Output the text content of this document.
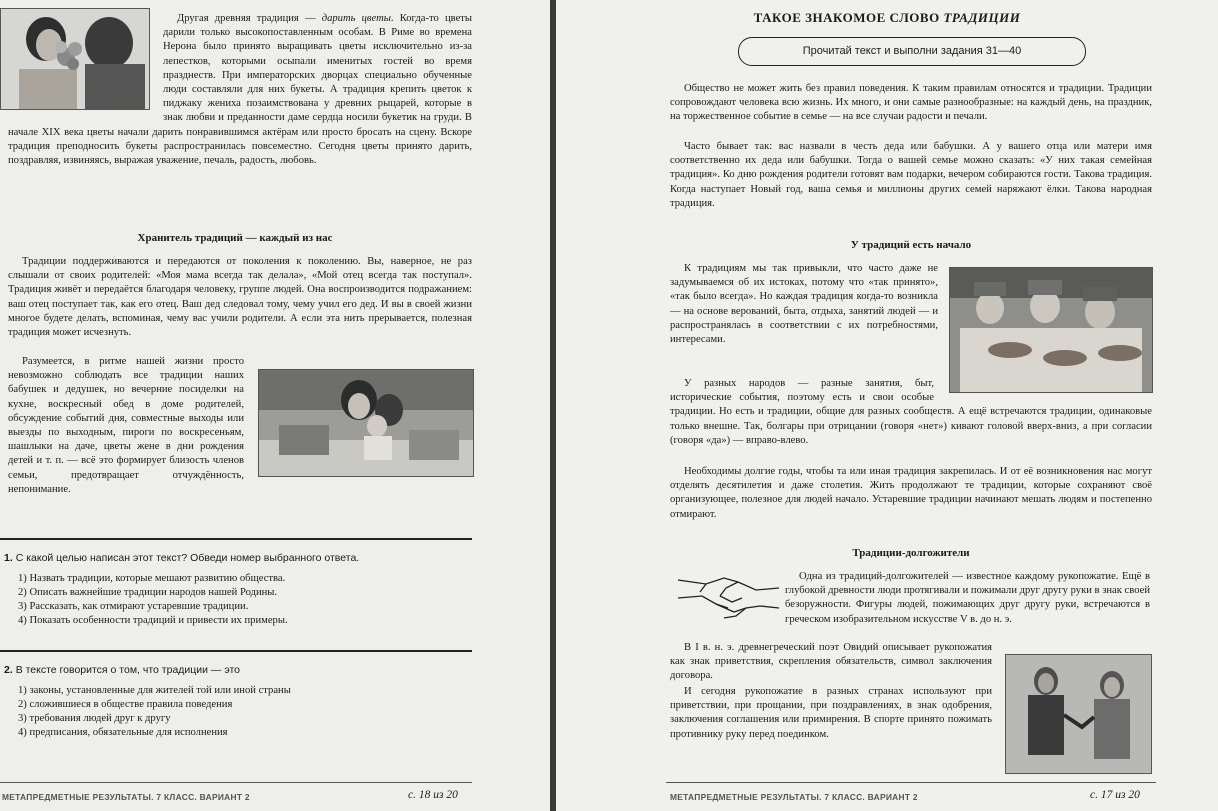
Другая древняя традиция — дарить цветы. Когда-то цветы дарили только высокопоставленным особам. В Риме во времена Нерона было принято выращивать цветы исключительно из-за лепестков, которыми осыпали именитых гостей во время празднеств. При императорских дворцах специально обученные люди составляли для них букеты. А традиция крепить цветок к пиджаку жениха позаимствована у древних рыцарей, которые в знак любви и преданности даме сердца носили букетик на груди. В начале XIX века цветы начали дарить понравившимся актёрам или просто бросать на сцену. Вскоре традиция преподносить букеты распространилась повсеместно. Сегодня цветы принято дарить, поздравляя, извиняясь, выражая уважение, печаль, радость, любовь.

Хранитель традиций — каждый из нас

Традиции поддерживаются и передаются от поколения к поколению. Вы, наверное, не раз слышали от своих родителей: «Моя мама всегда так делала», «Мой отец всегда так поступал». Традиция живёт и передаётся благодаря человеку, группе людей. Она воспроизводится подражанием: ваш отец поступает так, как его отец. Ваш дед следовал тому, чему учил его дед. И вы в своей жизни многое будете делать, вспоминая, чему вас учили родители. А если эта нить прерывается, полезная традиция может исчезнуть.

Разумеется, в ритме нашей жизни просто невозможно соблюдать все традиции наших бабушек и дедушек, но вечерние посиделки на кухне, воскресный обед в доме родителей, обсуждение событий дня, совместные выходы или выезды по выходным, пироги по воскресеньям, шашлыки на даче, цветы жене в дни рождения детей и т. п. — всё это формирует близость членов семьи, предотвращает отчуждённость, непонимание.

1. С какой целью написан этот текст? Обведи номер выбранного ответа.
1) Назвать традиции, которые мешают развитию общества.
2) Описать важнейшие традиции народов нашей Родины.
3) Рассказать, как отмирают устаревшие традиции.
4) Показать особенности традиций и привести их примеры.
2. В тексте говорится о том, что традиции — это
1) законы, установленные для жителей той или иной страны
2) сложившиеся в обществе правила поведения
3) требования людей друг к другу
4) предписания, обязательные для исполнения
МЕТАПРЕДМЕТНЫЕ РЕЗУЛЬТАТЫ. 7 КЛАСС. ВАРИАНТ 2	с. 18 из 20
ТАКОЕ ЗНАКОМОЕ СЛОВО ТРАДИЦИИ
Прочитай текст и выполни задания 31—40

Общество не может жить без правил поведения. К таким правилам относятся и традиции. Традиции сопровождают человека всю жизнь. Их много, и они самые разнообразные: на каждый день, на праздник, на торжественное событие в семье — на все случаи радости и печали.

Часто бывает так: вас назвали в честь деда или бабушки. А у вашего отца или матери имя соответственно их деда или бабушки. Тогда о вашей семье можно сказать: «У них такая семейная традиция». Ко дню рождения родители готовят вам подарки, вечером собираются гости. Такова традиция. Когда наступает Новый год, ваша семья и миллионы других семей наряжают ёлки. Такова народная традиция.

У традиций есть начало

К традициям мы так привыкли, что часто даже не задумываемся об их истоках, потому что «так принято», «так было всегда». Но каждая традиция когда-то возникла — на основе верований, быта, отдыха, занятий людей — и распространялась в соответствии с их потребностями, интересами.

У разных народов — разные занятия, быт, исторические события, поэтому есть и свои особые традиции. Но есть и традиции, общие для разных сообществ. А ещё встречаются традиции, одинаковые только внешне. Так, болгары при отрицании (говоря «нет») кивают головой вверх-вниз, а при согласии (говоря «да») — вправо-влево.

Необходимы долгие годы, чтобы та или иная традиция закрепилась. И от её возникновения нас могут отделять десятилетия и даже столетия. Жить продолжают те традиции, которые сохраняют своё организующее, полезное для людей начало. Устаревшие традиции начинают мешать людям и постепенно отмирают.

Традиции-долгожители

Одна из традиций-долгожителей — известное каждому рукопожатие. Ещё в глубокой древности люди протягивали и пожимали друг другу руки в знак своей безоружности. Фигуры людей, пожимающих друг другу руки, встречаются в греческом изобразительном искусстве V в. до н. э.

В I в. н. э. древнегреческий поэт Овидий описывает рукопожатия как знак приветствия, скрепления обязательств, символ заключения договора.

И сегодня рукопожатие в разных странах используют при приветствии, при прощании, при поздравлениях, в знак одобрения, заключения соглашения или примирения. В спорте принято пожимать противнику руку перед поединком.

МЕТАПРЕДМЕТНЫЕ РЕЗУЛЬТАТЫ. 7 КЛАСС. ВАРИАНТ 2	с. 17 из 20
